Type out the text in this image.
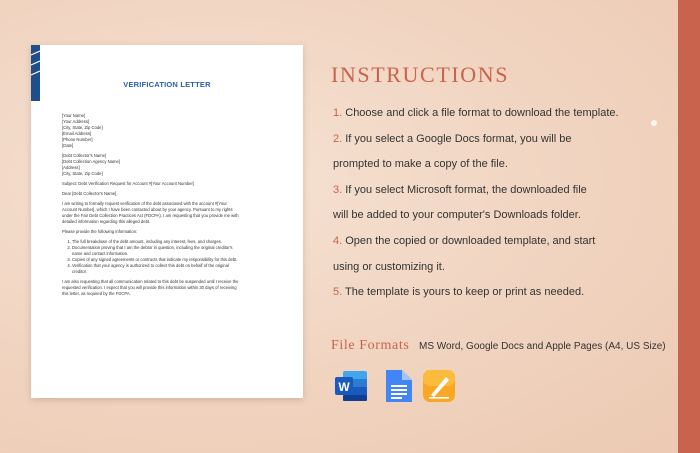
VERIFICATION LETTER
[Your Name]
[Your Address]
[City, State, Zip Code]
[Email Address]
[Phone Number]
[Date]
[Debt Collector's Name]
[Debt Collection Agency Name]
[Address]
[City, State, Zip Code]
Subject: Debt Verification Request for Account #[Your Account Number]
Dear [Debt Collector's Name],
I am writing to formally request verification of the debt associated with the account #[Your
Account Number], which I have been contacted about by your agency. Pursuant to my rights
under the Fair Debt Collection Practices Act (FDCPA), I am requesting that you provide me with
detailed information regarding this alleged debt.
Please provide the following information:
1. The full breakdown of the debt amount, including any interest, fees, and charges.
2. Documentation proving that I am the debtor in question, including the original creditor's
name and contact information.
3. Copies of any signed agreements or contracts that indicate my responsibility for this debt.
4. Verification that your agency is authorized to collect this debt on behalf of the original
creditor.
I am also requesting that all communication related to this debt be suspended until I receive the
requested verification. I expect that you will provide this information within 30 days of receiving
this letter, as required by the FDCPA.
INSTRUCTIONS
1. Choose and click a file format to download the template.
2. If you select a Google Docs format, you will be
prompted to make a copy of the file.
3. If you select Microsoft format, the downloaded file
will be added to your computer's Downloads folder.
4. Open the copied or downloaded template, and start
using or customizing it.
5. The template is yours to keep or print as needed.
File Formats MS Word, Google Docs and Apple Pages (A4, US Size)
W
